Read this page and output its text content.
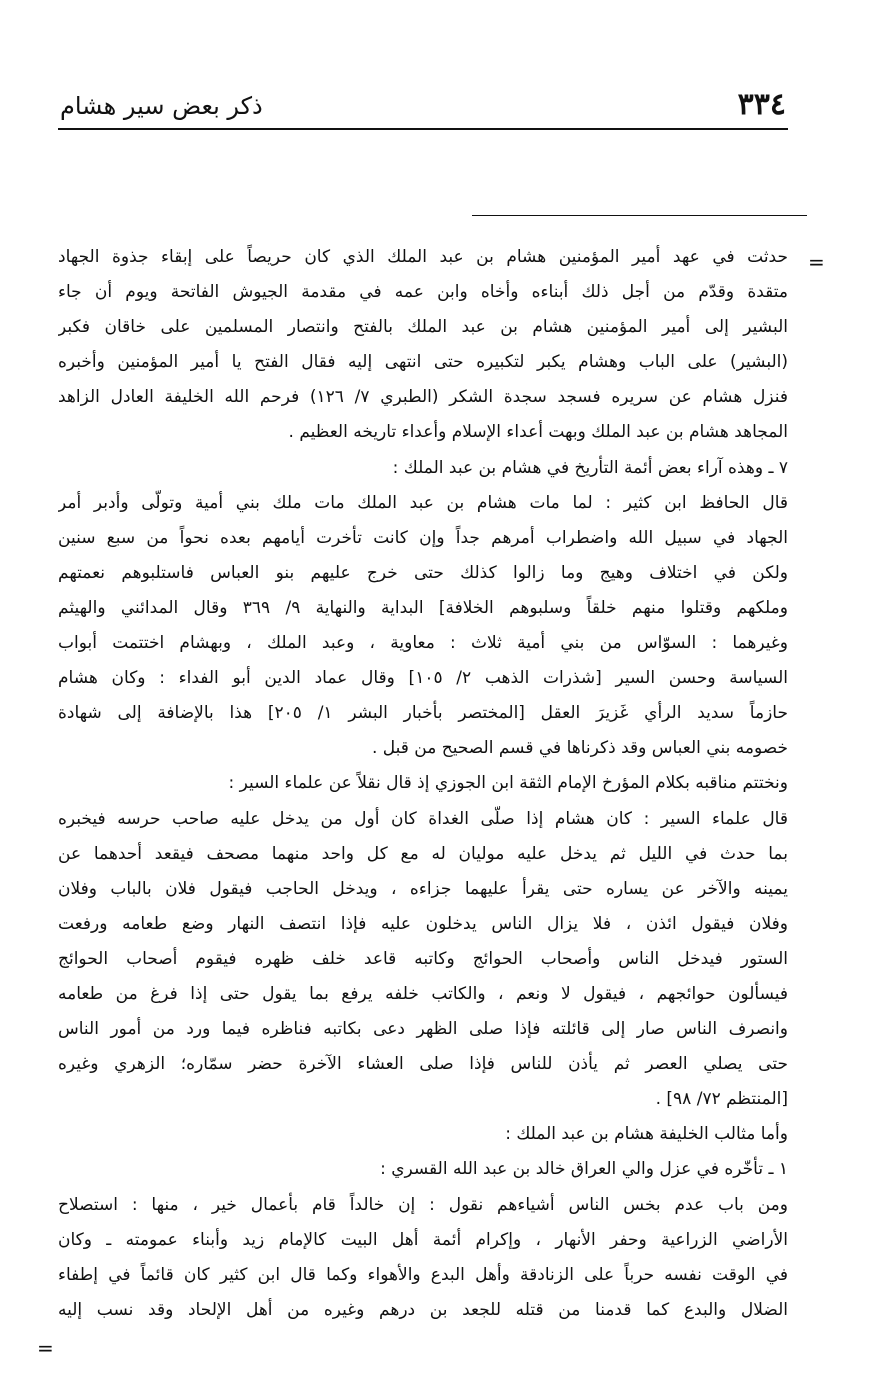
٣٣٤
ذكر بعض سير هشام
=
حدثت في عهد أمير المؤمنين هشام بن عبد الملك الذي كان حريصاً على إبقاء جذوة الجهاد
متقدة وقدّم من أجل ذلك أبناءه وأخاه وابن عمه في مقدمة الجيوش الفاتحة ويوم أن جاء
البشير إلى أمير المؤمنين هشام بن عبد الملك بالفتح وانتصار المسلمين على خاقان فكبر
(البشير) على الباب وهشام يكبر لتكبيره حتى انتهى إليه فقال الفتح يا أمير المؤمنين وأخبره
فنزل هشام عن سريره فسجد سجدة الشكر (الطبري ٧/ ١٢٦) فرحم الله الخليفة العادل الزاهد
المجاهد هشام بن عبد الملك وبهت أعداء الإسلام وأعداء تاريخه العظيم .
٧ ـ وهذه آراء بعض أئمة التأريخ في هشام بن عبد الملك :
قال الحافظ ابن كثير : لما مات هشام بن عبد الملك مات ملك بني أمية وتولّى وأدبر أمر
الجهاد في سبيل الله واضطراب أمرهم جداً وإن كانت تأخرت أيامهم بعده نحواً من سبع سنين
ولكن في اختلاف وهيج وما زالوا كذلك حتى خرج عليهم بنو العباس فاستلبوهم نعمتهم
وملكهم وقتلوا منهم خلقاً وسلبوهم الخلافة] البداية والنهاية ٩/ ٣٦٩ وقال المدائني والهيثم
وغيرهما : السوّاس من بني أمية ثلاث : معاوية ، وعبد الملك ، وبهشام اختتمت أبواب
السياسة وحسن السير [شذرات الذهب ٢/ ١٠٥] وقال عماد الدين أبو الفداء : وكان هشام
حازماً سديد الرأي غَزيرَ العقل [المختصر بأخبار البشر ١/ ٢٠٥] هذا بالإضافة إلى شهادة
خصومه بني العباس وقد ذكرناها في قسم الصحيح من قبل .
ونختتم مناقبه بكلام المؤرخ الإمام الثقة ابن الجوزي إذ قال نقلاً عن علماء السير :
قال علماء السير : كان هشام إذا صلّى الغداة كان أول من يدخل عليه صاحب حرسه فيخبره
بما حدث في الليل ثم يدخل عليه موليان له مع كل واحد منهما مصحف فيقعد أحدهما عن
يمينه والآخر عن يساره حتى يقرأ عليهما جزاءه ، ويدخل الحاجب فيقول فلان بالباب وفلان
وفلان فيقول ائذن ، فلا يزال الناس يدخلون عليه فإذا انتصف النهار وضع طعامه ورفعت
الستور فيدخل الناس وأصحاب الحوائج وكاتبه قاعد خلف ظهره فيقوم أصحاب الحوائج
فيسألون حوائجهم ، فيقول لا ونعم ، والكاتب خلفه يرفع بما يقول حتى إذا فرغ من طعامه
وانصرف الناس صار إلى قائلته فإذا صلى الظهر دعى بكاتبه فناظره فيما ورد من أمور الناس
حتى يصلي العصر ثم يأذن للناس فإذا صلى العشاء الآخرة حضر سمّاره؛ الزهري وغيره
[المنتظم ٧٢/ ٩٨] .
وأما مثالب الخليفة هشام بن عبد الملك :
١ ـ تأخّره في عزل والي العراق خالد بن عبد الله القسري :
ومن باب عدم بخس الناس أشياءهم نقول : إن خالداً قام بأعمال خير ، منها : استصلاح
الأراضي الزراعية وحفر الأنهار ، وإكرام أئمة أهل البيت كالإمام زيد وأبناء عمومته ـ وكان
في الوقت نفسه حرباً على الزنادقة وأهل البدع والأهواء وكما قال ابن كثير كان قائماً في إطفاء
الضلال والبدع كما قدمنا من قتله للجعد بن درهم وغيره من أهل الإلحاد وقد نسب إليه
=
